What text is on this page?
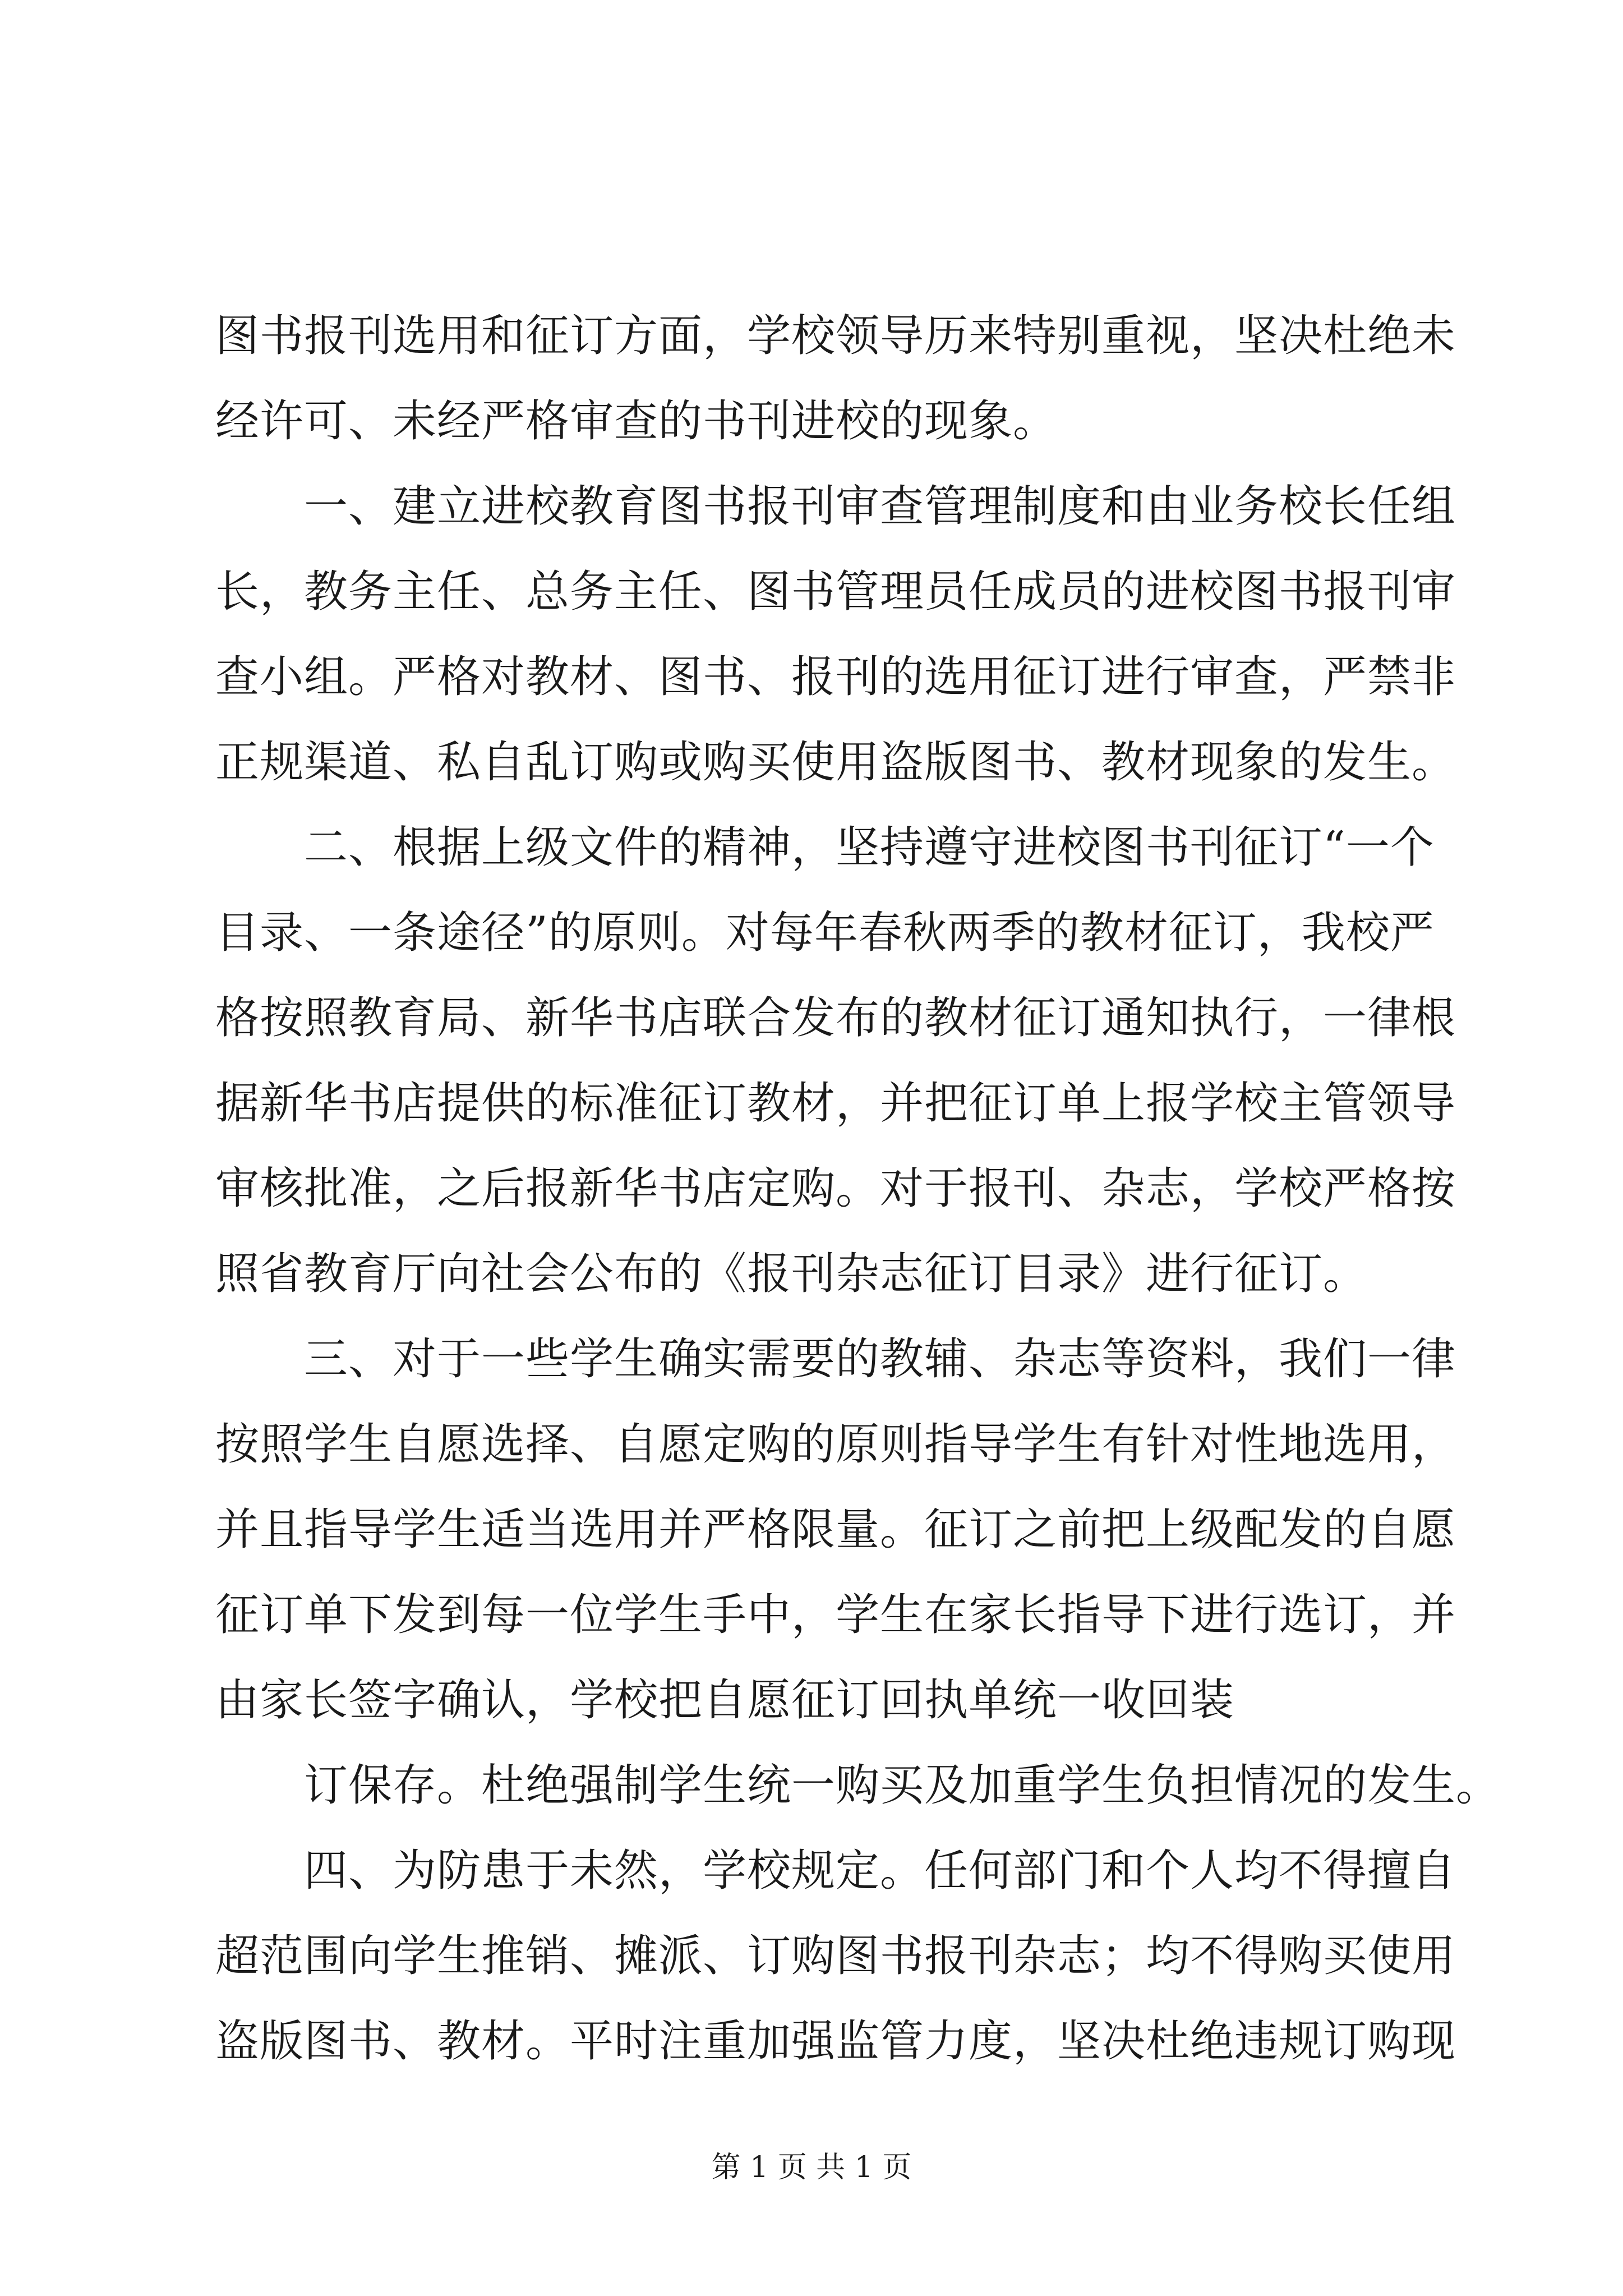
图书报刊选用和征订方面，学校领导历来特别重视，坚决杜绝未
经许可、未经严格审查的书刊进校的现象。
　　一、建立进校教育图书报刊审查管理制度和由业务校长任组
长，教务主任、总务主任、图书管理员任成员的进校图书报刊审
查小组。严格对教材、图书、报刊的选用征订进行审查，严禁非
正规渠道、私自乱订购或购买使用盗版图书、教材现象的发生。
　　二、根据上级文件的精神，坚持遵守进校图书刊征订“一个
目录、一条途径”的原则。对每年春秋两季的教材征订，我校严
格按照教育局、新华书店联合发布的教材征订通知执行，一律根
据新华书店提供的标准征订教材，并把征订单上报学校主管领导
审核批准，之后报新华书店定购。对于报刊、杂志，学校严格按
照省教育厅向社会公布的《报刊杂志征订目录》进行征订。
　　三、对于一些学生确实需要的教辅、杂志等资料，我们一律
按照学生自愿选择、自愿定购的原则指导学生有针对性地选用，
并且指导学生适当选用并严格限量。征订之前把上级配发的自愿
征订单下发到每一位学生手中，学生在家长指导下进行选订，并
由家长签字确认，学校把自愿征订回执单统一收回装
　　订保存。杜绝强制学生统一购买及加重学生负担情况的发生。
　　四、为防患于未然，学校规定。任何部门和个人均不得擅自
超范围向学生推销、摊派、订购图书报刊杂志；均不得购买使用
盗版图书、教材。平时注重加强监管力度，坚决杜绝违规订购现
第 1 页 共 1 页
